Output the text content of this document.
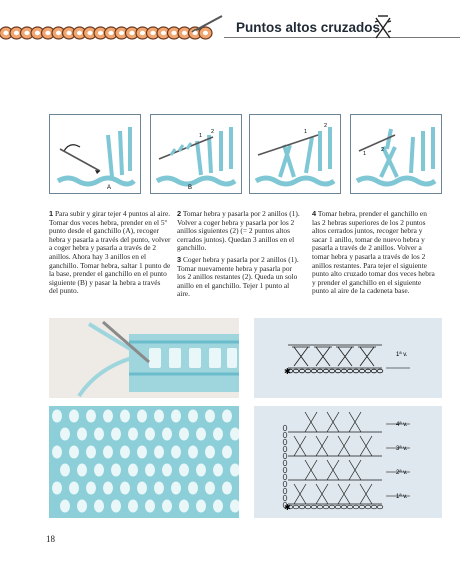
Puntos altos cruzados
A	B
1
2	1
2
1
2

1 Para subir y girar tejer 4 puntos al aire. Tomar dos veces hebra, prender en el 5º punto desde el ganchillo (A), recoger hebra y pasarla a través del punto, volver a coger hebra y pasarla a través de 2 anillos. Ahora hay 3 anillos en el ganchillo. Tomar hebra, saltar 1 punto de la base, prender el ganchillo en el punto siguiente (B) y pasar la hebra a través del punto.

2 Tomar hebra y pasarla por 2 anillos (1). Volver a coger hebra y pasarla por los 2 anillos siguientes (2) (= 2 puntos altos cerrados juntos). Quedan 3 anillos en el ganchillo.

3 Coger hebra y pasarla por 2 anillos (1). Tomar nuevamente hebra y pasarla por los 2 anillos restantes (2). Queda un solo anillo en el ganchillo. Tejer 1 punto al aire.

4 Tomar hebra, prender el ganchillo en las 2 hebras superiores de los 2 puntos altos cerrados juntos, recoger hebra y sacar 1 anillo, tomar de nuevo hebra y pasarla a través de 2 anillos. Volver a tomar hebra y pasarla a través de los 2 anillos restantes. Para tejer el siguiente punto alto cruzado tomar dos veces hebra y prender el ganchillo en el siguiente punto al aire de la cadeneta base.

✱
1ª v.
✱
4ª v.
3ª v.
2ª v.
1ª v.
18
